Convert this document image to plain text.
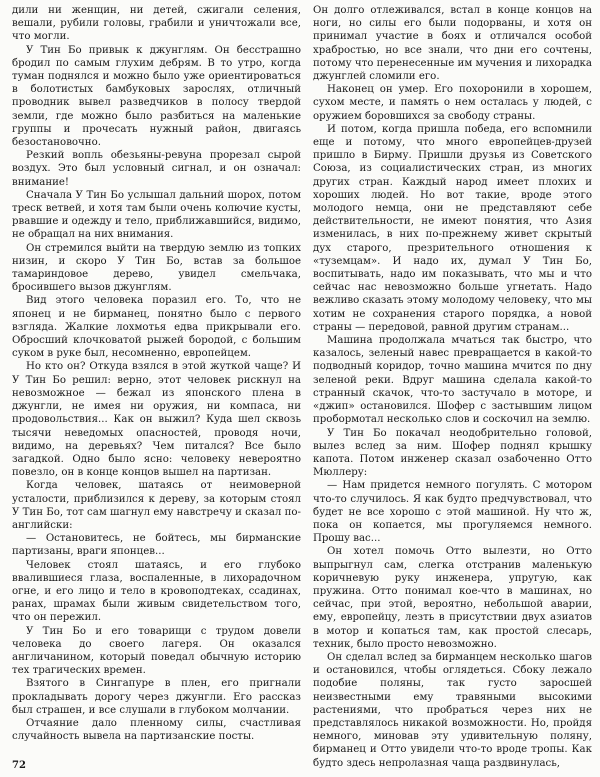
дили ни женщин, ни детей, сжигали селения, вешали, рубили головы, грабили и уничтожали все, что могли.

У Тин Бо привык к джунглям. Он бесстрашно бродил по самым глухим дебрям. В то утро, когда туман поднялся и можно было уже ориентироваться в болотистых бамбуковых зарослях, отличный проводник вывел разведчиков в полосу твердой земли, где можно было разбиться на маленькие группы и прочесать нужный район, двигаясь безостановочно.

Резкий вопль обезьяны-ревуна прорезал сырой воздух. Это был условный сигнал, и он означал: внимание!

Сначала У Тин Бо услышал дальний шорох, потом треск ветвей, и хотя там были очень колючие кусты, рвавшие и одежду и тело, приближавшийся, видимо, не обращал на них внимания.

Он стремился выйти на твердую землю из топких низин, и скоро У Тин Бо, встав за большое тамариндовое дерево, увидел смельчака, бросившего вызов джунглям.

Вид этого человека поразил его. То, что не японец и не бирманец, понятно было с первого взгляда. Жалкие лохмотья едва прикрывали его. Обросший клочковатой рыжей бородой, с большим суком в руке был, несомненно, европейцем.

Но кто он? Откуда взялся в этой жуткой чаще? И У Тин Бо решил: верно, этот человек рискнул на невозможное — бежал из японского плена в джунгли, не имея ни оружия, ни компаса, ни продовольствия... Как он выжил? Куда шел сквозь тысячи неведомых опасностей, проводя ночи, видимо, на деревьях? Чем питался? Все было загадкой. Одно было ясно: человеку невероятно повезло, он в конце концов вышел на партизан.

Когда человек, шатаясь от неимоверной усталости, приблизился к дереву, за которым стоял У Тин Бо, тот сам шагнул ему навстречу и сказал по-английски:

— Остановитесь, не бойтесь, мы бирманские партизаны, враги японцев...

Человек стоял шатаясь, и его глубоко ввалившиеся глаза, воспаленные, в лихорадочном огне, и его лицо и тело в кровоподтеках, ссадинах, ранах, шрамах были живым свидетельством того, что он пережил.

У Тин Бо и его товарищи с трудом довели человека до своего лагеря. Он оказался англичанином, который поведал обычную историю тех трагических времен.

Взятого в Сингапуре в плен, его пригнали прокладывать дорогу через джунгли. Его рассказ был страшен, и все слушали в глубоком молчании.

Отчаяние дало пленному силы, счастливая случайность вывела на партизанские посты.

Он долго отлеживался, встал в конце концов на ноги, но силы его были подорваны, и хотя он принимал участие в боях и отличался особой храбростью, но все знали, что дни его сочтены, потому что перенесенные им мучения и лихорадка джунглей сломили его.

Наконец он умер. Его похоронили в хорошем, сухом месте, и память о нем осталась у людей, с оружием боровшихся за свободу страны.

И потом, когда пришла победа, его вспомнили еще и потому, что много европейцев-друзей пришло в Бирму. Пришли друзья из Советского Союза, из социалистических стран, из многих других стран. Каждый народ имеет плохих и хороших людей. Но вот такие, вроде этого молодого немца, они не представляют себе действительности, не имеют понятия, что Азия изменилась, в них по-прежнему живет скрытый дух старого, презрительного отношения к «туземцам». И надо их, думал У Тин Бо, воспитывать, надо им показывать, что мы и что сейчас нас невозможно больше угнетать. Надо вежливо сказать этому молодому человеку, что мы хотим не сохранения старого порядка, а новой страны — передовой, равной другим странам...

Машина продолжала мчаться так быстро, что казалось, зеленый навес превращается в какой-то подводный коридор, точно машина мчится по дну зеленой реки. Вдруг машина сделала какой-то странный скачок, что-то застучало в моторе, и «джип» остановился. Шофер с застывшим лицом пробормотал несколько слов и соскочил на землю.

У Тин Бо покачал неодобрительно головой, вылез вслед за ним. Шофер поднял крышку капота. Потом инженер сказал озабоченно Отто Мюллеру:

— Нам придется немного погулять. С мотором что-то случилось. Я как будто предчувствовал, что будет не все хорошо с этой машиной. Ну что ж, пока он копается, мы прогуляемся немного. Прошу вас...

Он хотел помочь Отто вылезти, но Отто выпрыгнул сам, слегка отстранив маленькую коричневую руку инженера, упругую, как пружина. Отто понимал кое-что в машинах, но сейчас, при этой, вероятно, небольшой аварии, ему, европейцу, лезть в присутствии двух азиатов в мотор и копаться там, как простой слесарь, техник, было просто невозможно.

Он сделал вслед за бирманцем несколько шагов и остановился, чтобы оглядеться. Сбоку лежало подобие поляны, так густо заросшей неизвестными ему травяными высокими растениями, что пробраться через них не представлялось никакой возможности. Но, пройдя немного, миновав эту удивительную поляну, бирманец и Отто увидели что-то вроде тропы. Как будто здесь непролазная чаща раздвинулась,

72
